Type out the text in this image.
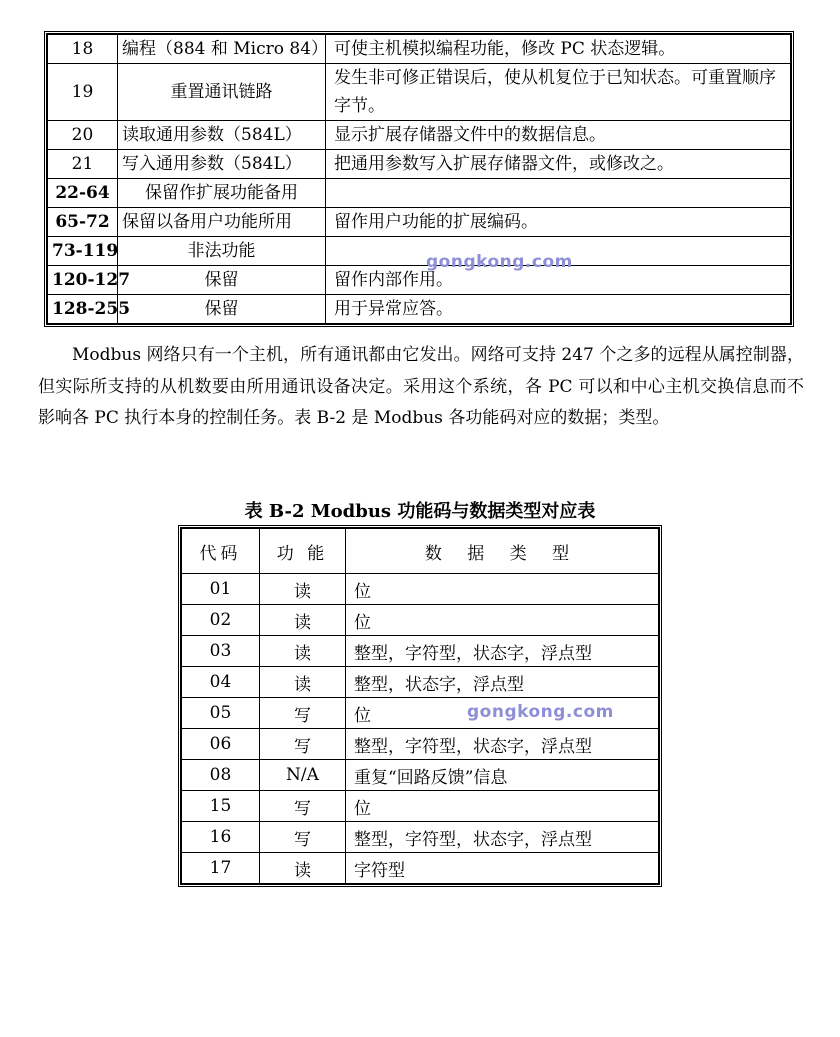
18	编程（884 和 Micro 84）	可使主机模拟编程功能，修改 PC 状态逻辑。
19	重置通讯链路	发生非可修正错误后，使从机复位于已知状态。可重置顺序字节。
20	读取通用参数（584L）	显示扩展存储器文件中的数据信息。
21	写入通用参数（584L）	把通用参数写入扩展存储器文件，或修改之。
22-64	保留作扩展功能备用	
65-72	保留以备用户功能所用	留作用户功能的扩展编码。
73-119	非法功能	
120-127	保留	留作内部作用。
128-255	保留	用于异常应答。
gongkong.com

Modbus 网络只有一个主机，所有通讯都由它发出。网络可支持 247 个之多的远程从属控制器，但实际所支持的从机数要由所用通讯设备决定。采用这个系统，各 PC 可以和中心主机交换信息而不影响各 PC 执行本身的控制任务。表 B-2 是 Modbus 各功能码对应的数据；类型。

表 B-2 Modbus 功能码与数据类型对应表
代码	功 能	数 据 类 型
01	读	位
02	读	位
03	读	整型，字符型，状态字，浮点型
04	读	整型，状态字，浮点型
05	写	位
06	写	整型，字符型，状态字，浮点型
08	N/A	重复“回路反馈”信息
15	写	位
16	写	整型，字符型，状态字，浮点型
17	读	字符型
gongkong.com
